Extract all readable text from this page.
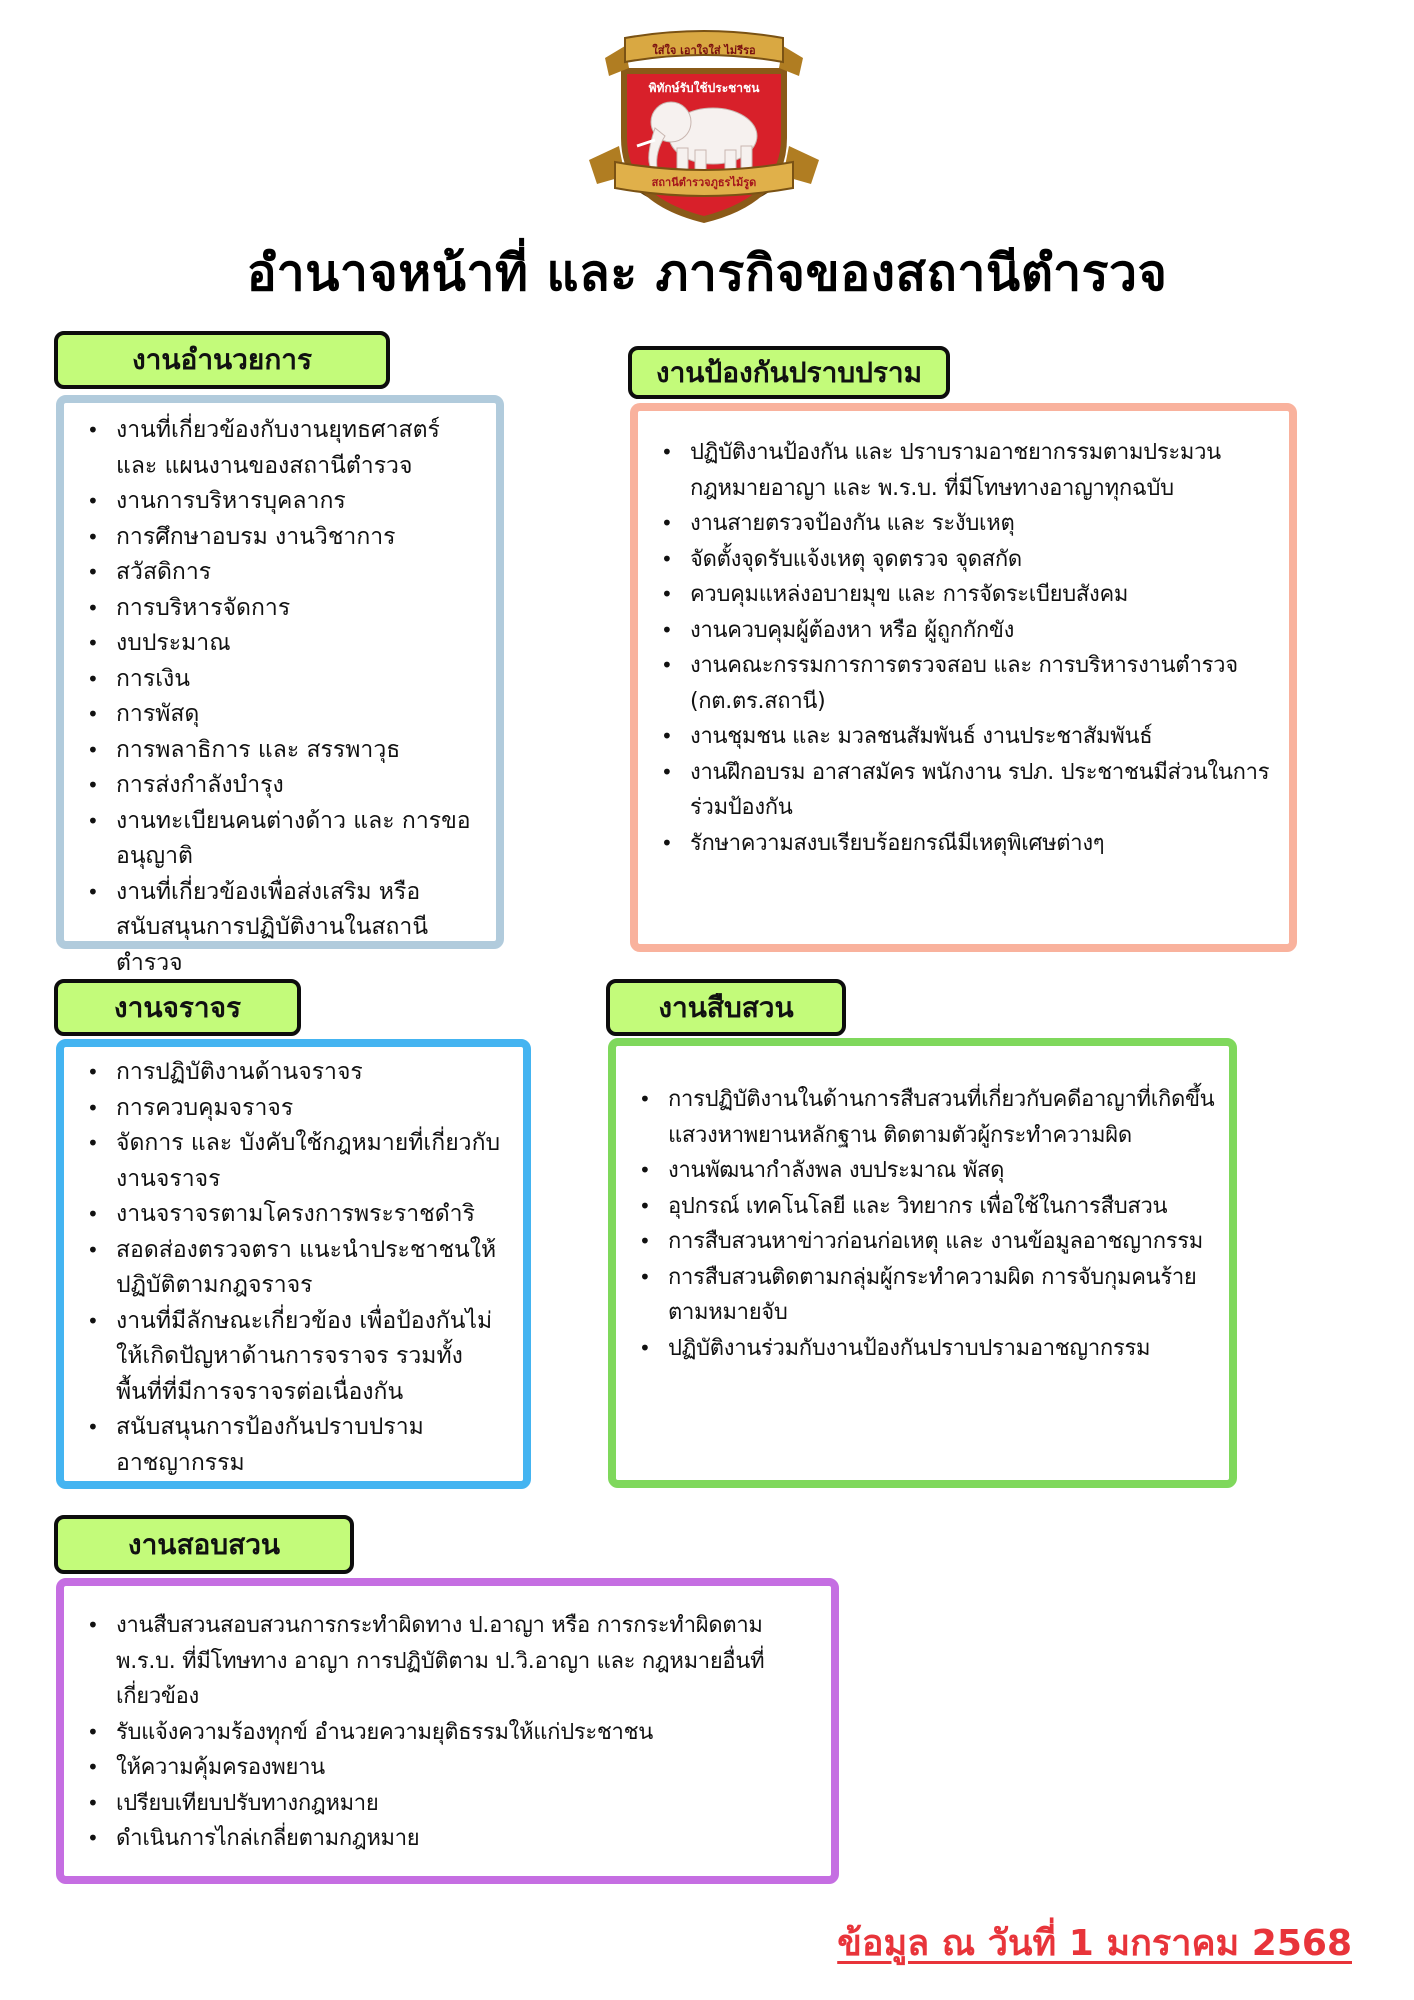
ใส่ใจ เอาใจใส่ ไม่รีรอ
พิทักษ์รับใช้ประชาชน
สถานีตำรวจภูธรไม้รูด
อำนาจหน้าที่ และ ภารกิจของสถานีตำรวจ
งานอำนวยการ
• งานที่เกี่ยวข้องกับงานยุทธศาสตร์ และ แผนงานของสถานีตำรวจ
• งานการบริหารบุคลากร
• การศึกษาอบรม งานวิชาการ
• สวัสดิการ
• การบริหารจัดการ
• งบประมาณ
• การเงิน
• การพัสดุ
• การพลาธิการ และ สรรพาวุธ
• การส่งกำลังบำรุง
• งานทะเบียนคนต่างด้าว และ การขออนุญาติ
• งานที่เกี่ยวข้องเพื่อส่งเสริม หรือ สนับสนุนการปฏิบัติงานในสถานีตำรวจ
งานป้องกันปราบปราม
• ปฏิบัติงานป้องกัน และ ปราบรามอาชยากรรมตามประมวน กฎหมายอาญา และ พ.ร.บ. ที่มีโทษทางอาญาทุกฉบับ
• งานสายตรวจป้องกัน และ ระงับเหตุ
• จัดตั้งจุดรับแจ้งเหตุ จุดตรวจ จุดสกัด
• ควบคุมแหล่งอบายมุข และ การจัดระเบียบสังคม
• งานควบคุมผู้ต้องหา หรือ ผู้ถูกกักขัง
• งานคณะกรรมการการตรวจสอบ และ การบริหารงานตำรวจ (กต.ตร.สถานี)
• งานชุมชน และ มวลชนสัมพันธ์ งานประชาสัมพันธ์
• งานฝึกอบรม อาสาสมัคร พนักงาน รปภ. ประชาชนมีส่วนในการร่วมป้องกัน
• รักษาความสงบเรียบร้อยกรณีมีเหตุพิเศษต่างๆ
งานจราจร
• การปฏิบัติงานด้านจราจร
• การควบคุมจราจร
• จัดการ และ บังคับใช้กฎหมายที่เกี่ยวกับงานจราจร
• งานจราจรตามโครงการพระราชดำริ
• สอดส่องตรวจตรา แนะนำประชาชนให้ปฏิบัติตามกฎจราจร
• งานที่มีลักษณะเกี่ยวข้อง เพื่อป้องกันไม่ให้เกิดปัญหาด้านการจราจร รวมทั้ง พื้นที่ที่มีการจราจรต่อเนื่องกัน
• สนับสนุนการป้องกันปราบปราม อาชญากรรม
งานสืบสวน
• การปฏิบัติงานในด้านการสืบสวนที่เกี่ยวกับคดีอาญาที่เกิดขึ้น แสวงหาพยานหลักฐาน ติดตามตัวผู้กระทำความผิด
• งานพัฒนากำลังพล งบประมาณ พัสดุ
• อุปกรณ์ เทคโนโลยี และ วิทยากร เพื่อใช้ในการสืบสวน
• การสืบสวนหาข่าวก่อนก่อเหตุ และ งานข้อมูลอาชญากรรม
• การสืบสวนติดตามกลุ่มผู้กระทำความผิด การจับกุมคนร้ายตามหมายจับ
• ปฏิบัติงานร่วมกับงานป้องกันปราบปรามอาชญากรรม
งานสอบสวน
• งานสืบสวนสอบสวนการกระทำผิดทาง ป.อาญา หรือ การกระทำผิดตาม พ.ร.บ. ที่มีโทษทาง อาญา การปฏิบัติตาม ป.วิ.อาญา และ กฎหมายอื่นที่เกี่ยวข้อง
• รับแจ้งความร้องทุกข์ อำนวยความยุติธรรมให้แก่ประชาชน
• ให้ความคุ้มครองพยาน
• เปรียบเทียบปรับทางกฎหมาย
• ดำเนินการไกล่เกลี่ยตามกฎหมาย
ข้อมูล ณ วันที่ 1 มกราคม 2568
